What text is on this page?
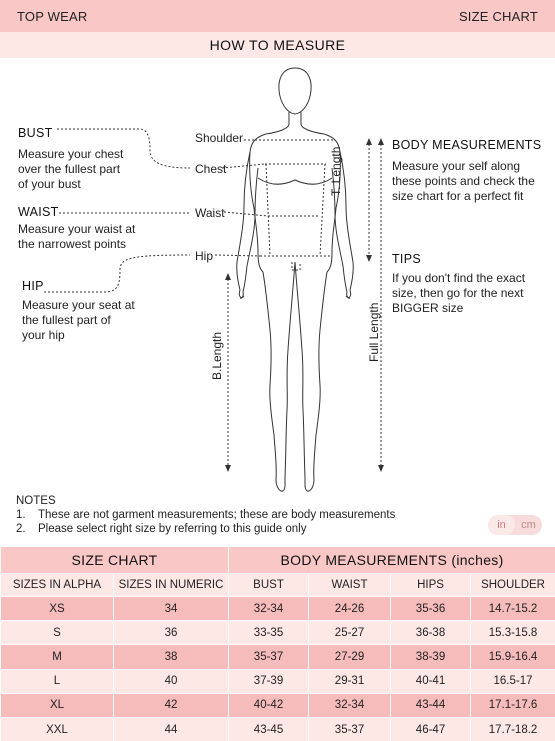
TOP WEAR	SIZE CHART
HOW TO MEASURE
Shoulder
Chest
Waist
Hip
T. Length
Full Length
B.Length
BUST
Measure your chest
over the fullest part
of your bust
WAIST
Measure your waist at
the narrowest points
HIP
Measure your seat at
the fullest part of
your hip
BODY MEASUREMENTS
Measure your self along
these points and check the
size chart for a perfect fit
TIPS
If you don't find the exact
size, then go for the next
BIGGER size
NOTES
1.	These are not garment measurements; these are body measurements
2.	Please select right size by referring to this guide only	in	cm
SIZE CHART		BODY MEASUREMENTS (inches)			
SIZES IN ALPHA	SIZES IN NUMERIC	BUST	WAIST	HIPS	SHOULDER
XS	34	32-34	24-26	35-36	14.7-15.2
S	36	33-35	25-27	36-38	15.3-15.8
M	38	35-37	27-29	38-39	15.9-16.4
L	40	37-39	29-31	40-41	16.5-17
XL	42	40-42	32-34	43-44	17.1-17.6
XXL	44	43-45	35-37	46-47	17.7-18.2
